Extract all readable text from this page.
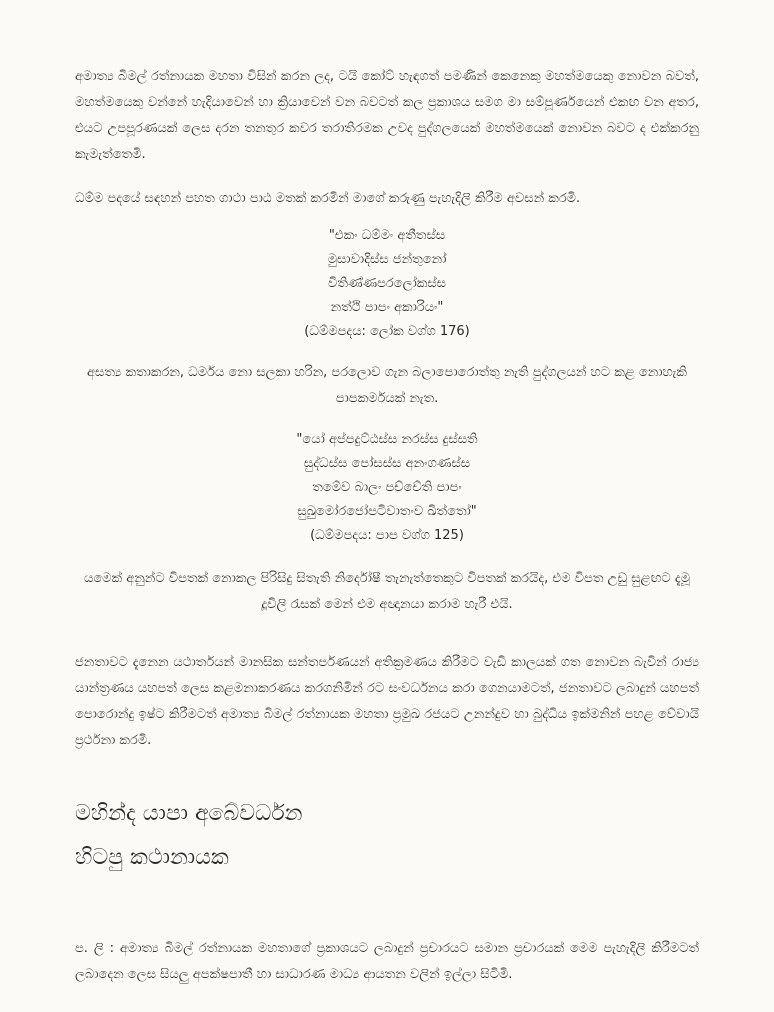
අමාත්‍ය බිමල් රත්නායක මහතා විසින් කරන ලද, ටයි කෝට් හැඳගත් පමණින් කෙනෙකු මහත්මයෙකු නොවන බවත්, මහත්මයෙකු වන්නේ හැදියාවෙන් හා ක්‍රියාවෙන් වන බවටත් කල ප්‍රකාශය සමග මා සම්පූර්ණයෙන් එකඟ වන අතර, එයට උපපූරණයක් ලෙස දරන තනතුර කවර තරාතිරමක උවද පුද්ගලයෙක් මහත්මයෙක් නොවන බවට ද එක්කරනු කැමැත්තෙමි.

ධම්ම පදයේ සඳහන් පහත ගාථා පාඨ මතක් කරමින් මාගේ කරුණු පැහැදිලි කිරීම අවසන් කරමි.

"එකං ධම්මං අතීතස්ස
මුසාවාදිස්ස ජන්තුනෝ
විතිණ්ණපරලෝකස්ස
නත්ථි පාපං අකාරියං"
(ධම්මපදය: ලෝක වග්ග 176)

අසත්‍ය කතාකරන, ධර්මය නො සලකා හරින, පරලොව ගැන බලාපොරොත්තු නැති පුද්ගලයන් හට කළ නොහැකි පාපකර්මයක් නැත.

"යෝ අප්පදුට්ඨස්ස නරස්ස දුස්සති
සුද්ධස්ස පෝසස්ස අනංගණස්ස
තමේව බාලං පච්චේති පාපං
සුඛුමෝරජෝපටිවාතංව ඛිත්තෝ"
(ධම්මපදය: පාප වග්ග 125)

යමෙක් අනුන්ට විපතක් නොකල පිරිසිදු සිතැති නිර්දෝෂී තැනැත්තෙකුට විපතක් කරයිද, එම විපත උඩු සුළඟට දැමූ දූවිලි රැසක් මෙන් එම අඥානයා කරාම හැරී එයි.

ජනතාවට දැනෙන යථාර්තයන් මානසික සන්තර්පණයන් අතික්‍රමණය කිරීමට වැඩි කාලයක් ගත නොවන බැවින් රාජ්‍ය යාන්ත්‍රණය යහපත් ලෙස කළමනාකරණය කරගනිමින් රට සංවර්ධනය කරා ගෙනයාමටත්, ජනතාවට ලබාදුන් යහපත් පොරොන්දු ඉෂ්ට කිරීමටත් අමාත්‍ය බිමල් රත්නායක මහතා ප්‍රමුඛ රජයට උනන්දුව හා බුද්ධිය ඉක්මනින් පහළ වේවායි ප්‍රර්ථනා කරමි.

මහින්ද යාපා අබේවර්ධන

හිටපු කථානායක

ප. ලි : අමාත්‍ය බිමල් රත්නායක මහතාගේ ප්‍රකාශයට ලබාදුන් ප්‍රචාරයට සමාන ප්‍රචාරයක් මෙම පැහැදිලි කිරීමටත් ලබාදෙන ලෙස සියලු අපක්ෂපාතී හා සාධාරණ මාධ්‍ය ආයතන වලින් ඉල්ලා සිටිමි.
